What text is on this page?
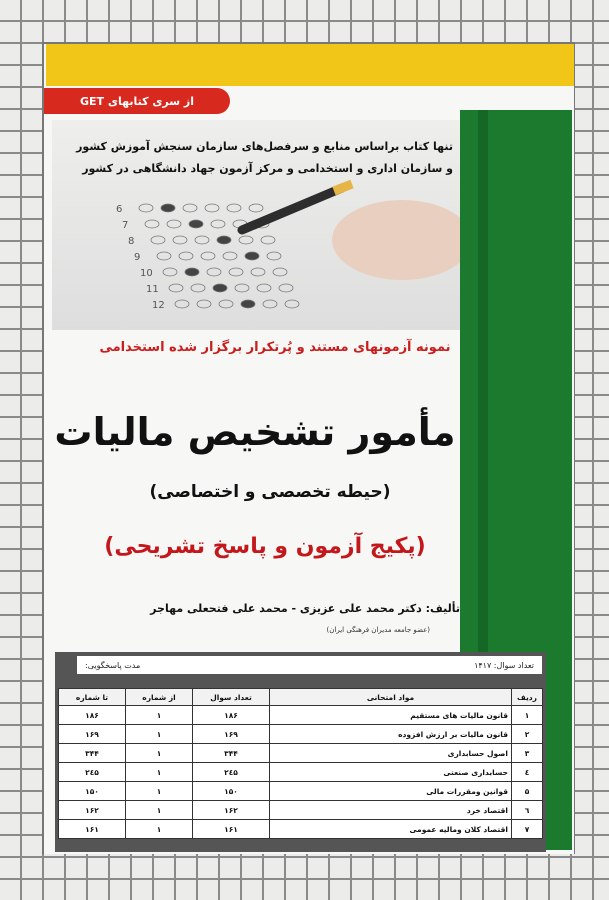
6
7
8
9
10
11
12
از سری کتابهای GET
تنها کتاب براساس منابع و سرفصل‌های سازمان سنجش آموزش کشور
و سازمان اداری و استخدامی و مرکز آزمون جهاد دانشگاهی در کشور
نمونه آزمونهای مستند و پُرتکرار برگزار شده استخدامی
مأمور تشخیص مالیات
(حیطه تخصصی و اختصاصی)
(پکیج آزمون و پاسخ تشریحی)
تألیف: دکتر محمد علی عزیزی - محمد علی فتحعلی مهاجر
(عضو جامعه مدیران فرهنگی ایران)
تعداد سوال: ۱۴۱۷
مدت پاسخگویی:
ردیف	مواد امتحانی	تعداد سوال	از شماره	تا شماره
۱	قانون مالیات های مستقیم	۱۸۶	۱	۱۸۶
۲	قانون مالیات بر ارزش افزوده	۱۶۹	۱	۱۶۹
۳	اصول حسابداری	۳۴۴	۱	۳۴۴
٤	حسابداری صنعتی	۲٤۵	۱	۲٤۵
۵	قوانین ومقررات مالی	۱۵۰	۱	۱۵۰
٦	اقتصاد خرد	۱۶۲	۱	۱۶۲
۷	اقتصاد کلان ومالیه عمومی	۱۶۱	۱	۱۶۱
